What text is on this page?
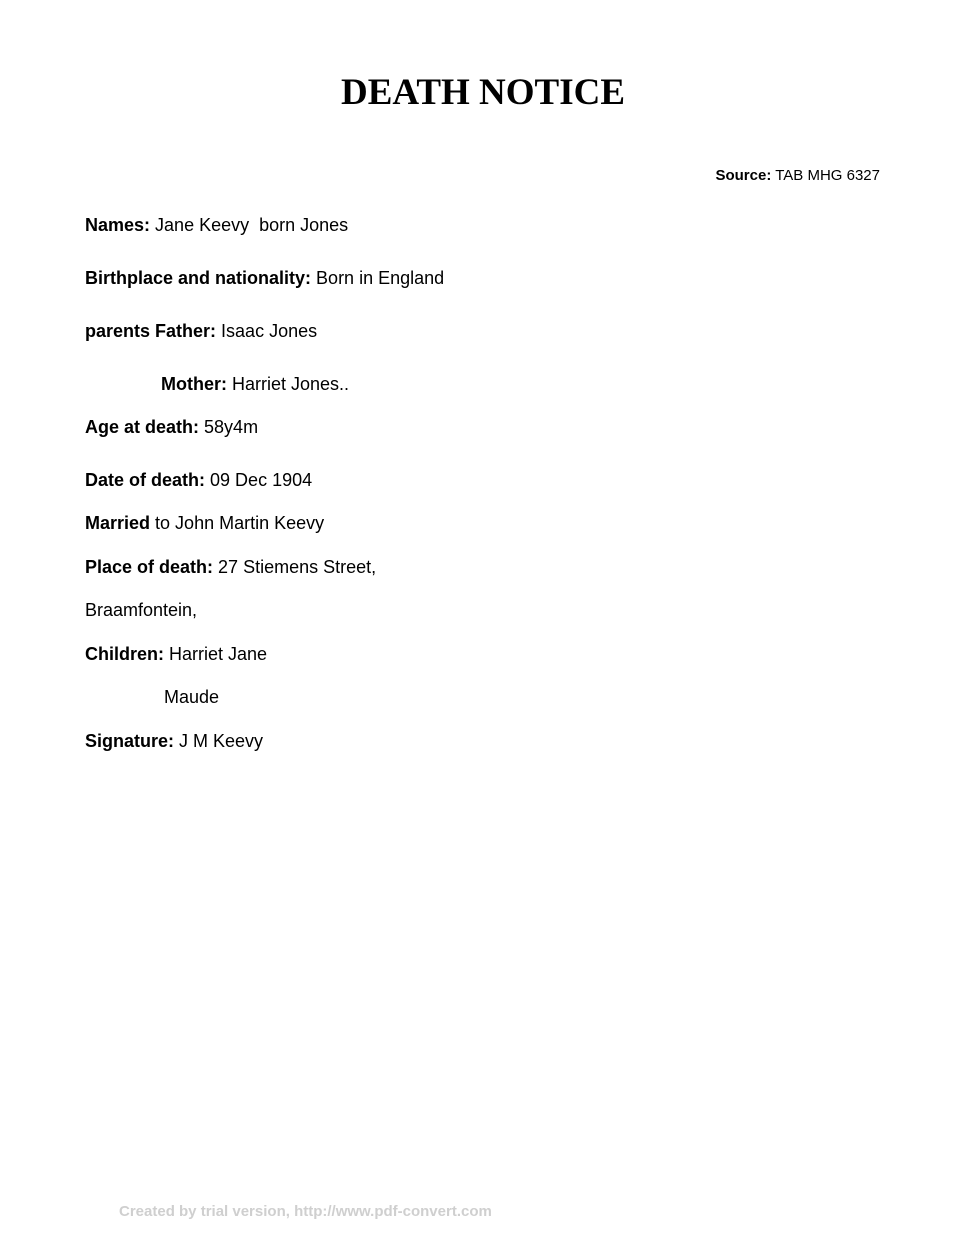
DEATH NOTICE
Source: TAB MHG 6327
Names: Jane Keevy  born Jones
Birthplace and nationality: Born in England
parents Father: Isaac Jones
Mother: Harriet Jones..
Age at death: 58y4m
Date of death: 09 Dec 1904
Married to John Martin Keevy
Place of death: 27 Stiemens Street,
Braamfontein,
Children: Harriet Jane
Maude
Signature: J M Keevy
Created by trial version, http://www.pdf-convert.com
